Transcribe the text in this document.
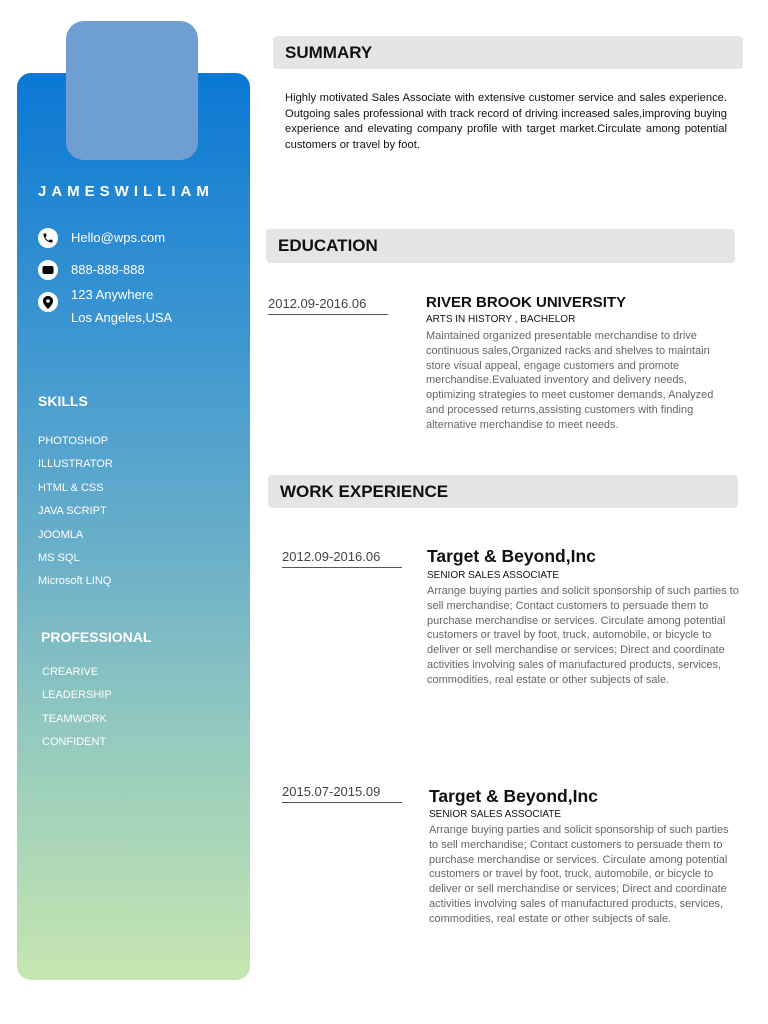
JAMESWILLIAM
Hello@wps.com
888-888-888
123 Anywhere
Los Angeles,USA
SKILLS
PHOTOSHOP
ILLUSTRATOR
HTML & CSS
JAVA SCRIPT
JOOMLA
MS SQL
Microsoft LINQ
PROFESSIONAL
CREARIVE
LEADERSHIP
TEAMWORK
CONFIDENT
SUMMARY
Highly motivated Sales Associate with extensive customer service and sales experience. Outgoing sales professional with track record of driving increased sales,improving buying experience and elevating company profile with target market.Circulate among potential customers or travel by foot.
EDUCATION
2012.09-2016.06	RIVER BROOK UNIVERSITY
ARTS IN HISTORY , BACHELOR
Maintained organized presentable merchandise to drive continuous sales,Organized racks and shelves to maintain store visual appeal, engage customers and promote merchandise.Evaluated inventory and delivery needs, optimizing strategies to meet customer demands, Analyzed and processed returns,assisting customers with finding alternative merchandise to meet needs.
WORK EXPERIENCE
2012.09-2016.06	Target & Beyond,Inc
SENIOR SALES ASSOCIATE
Arrange buying parties and solicit sponsorship of such parties to sell merchandise; Contact customers to persuade them to purchase merchandise or services. Circulate among potential customers or travel by foot, truck, automobile, or bicycle to deliver or sell merchandise or services; Direct and coordinate activities involving sales of manufactured products, services, commodities, real estate or other subjects of sale.
2015.07-2015.09	Target & Beyond,Inc
SENIOR SALES ASSOCIATE
Arrange buying parties and solicit sponsorship of such parties to sell merchandise; Contact customers to persuade them to purchase merchandise or services. Circulate among potential customers or travel by foot, truck, automobile, or bicycle to deliver or sell merchandise or services; Direct and coordinate activities involving sales of manufactured products, services, commodities, real estate or other subjects of sale.
